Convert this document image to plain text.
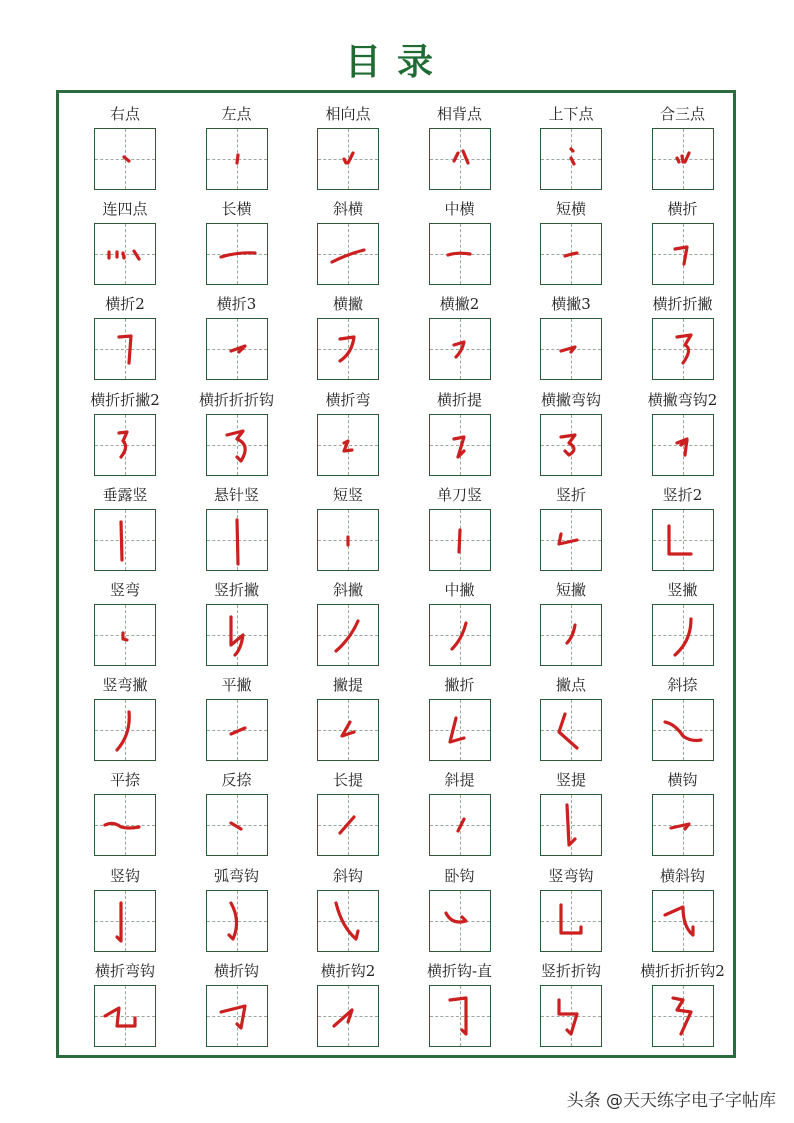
目录
右点	左点	相向点	相背点	上下点	合三点
连四点	长横	斜横	中横	短横	横折
横折2	横折3	横撇	横撇2	横撇3	横折折撇
横折折撇2	横折折折钩	横折弯	横折提	横撇弯钩	横撇弯钩2
垂露竖	悬针竖	短竖	单刀竖	竖折	竖折2
竖弯	竖折撇	斜撇	中撇	短撇	竖撇
竖弯撇	平撇	撇提	撇折	撇点	斜捺
平捺	反捺	长提	斜提	竖提	横钩
竖钩	弧弯钩	斜钩	卧钩	竖弯钩	横斜钩
横折弯钩	横折钩	横折钩2	横折钩-直	竖折折钩	横折折折钩2
头条 @天天练字电子字帖库
